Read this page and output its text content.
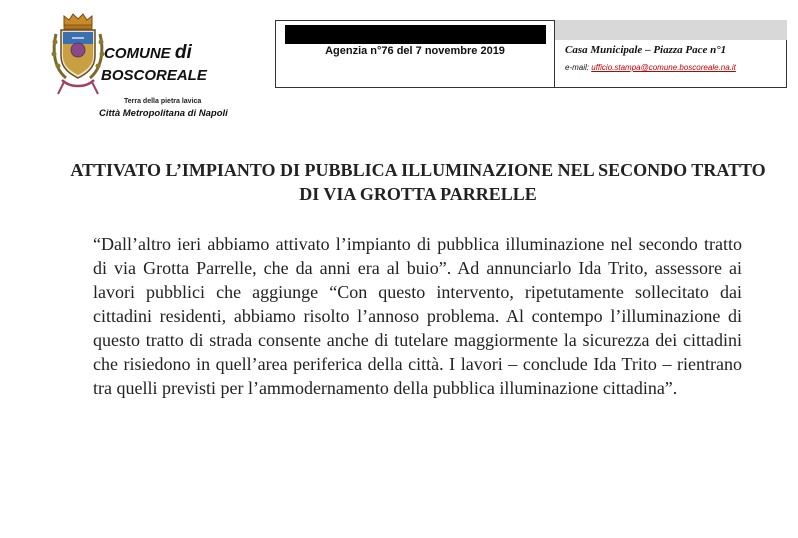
COMUNE di
BOSCOREALE
Terra della pietra lavica
Città Metropolitana di Napoli
Agenzia n°76 del 7 novembre 2019	Casa Municipale – Piazza Pace n°1
e-mail: ufficio.stampa@comune.boscoreale.na.it
ATTIVATO L’IMPIANTO DI PUBBLICA ILLUMINAZIONE NEL SECONDO TRATTO DI VIA GROTTA PARRELLE
“Dall’altro ieri abbiamo attivato l’impianto di pubblica illuminazione nel secondo tratto di via Grotta Parrelle, che da anni era al buio”. Ad annunciarlo Ida Trito, assessore ai lavori pubblici che aggiunge “Con questo intervento, ripetutamente sollecitato dai cittadini residenti, abbiamo risolto l’annoso problema. Al contempo l’illuminazione di questo tratto di strada consente anche di tutelare maggiormente la sicurezza dei cittadini che risiedono in quell’area periferica della città. I lavori – conclude Ida Trito – rientrano tra quelli previsti per l’ammodernamento della pubblica illuminazione cittadina”.
